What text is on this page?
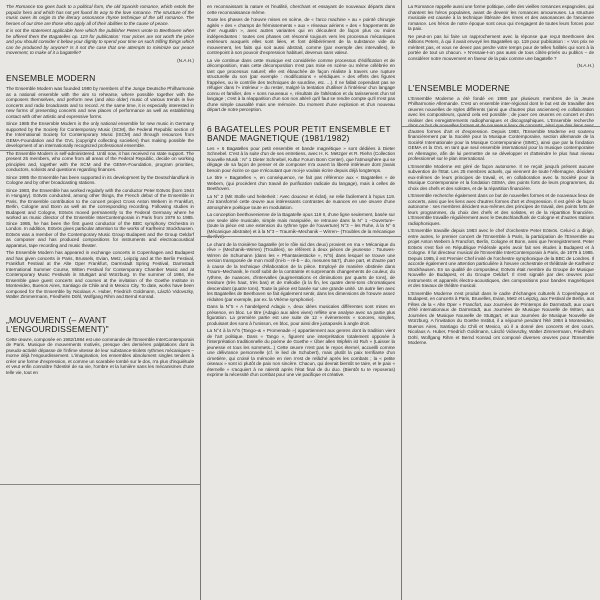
The Romance too goes back to a political form, the old Spanish romance, which extols the popular hero and which has not yet found its way to the love romance. The structure of the music owes its origin to the literary assonance rhyme technique of the old romance. The heroes of our time are those who apply all of their abilities to the cause of peace.

It is not the statement applicable here which the publisher Peters wrote to Beethoven when he offered them the Bagatelles op. 119 for publication: Your prices are not worth the price and you should consider it below your dignity to spend your time on such trifling things which can be produced by anyone? Is it not the case that one attempts to minimize our peace movement, to make of it a bagatelle?

(N.A.H.)
ENSEMBLE MODERN

The Ensemble Modern was founded 1980 by members of the Junge Deutsche Philharmonie as a national ensemble with the aim to rehearse, where possible together with the composers themselves, and perform new (and also older) music of various trends in live concerts and radio broadcasts and to record. At the same time, it is especially interested in new forms of presenting concerts and new places of performance as well as establishing contact with other artistic and expressive forms.

Since 1985 the Ensemble Modern is the only national ensemble for new music in Germany supported by the Society for Contemporary Music (SCM), the Federal Republic section of the International Society for Contemporary Music (ISCM) and through resources from GEMA-Foundation and the GVL (copyright collecting societies) thus making possible the development of an internationally recognized professional ensemble.

The Ensemble Modern is self-administered. Until now, it has received no state support. The present 25 members, who come from all areas of the Federal Republic, decide on working principles and, together with the SCM and the GEMA-Foundation, program priorities, conductors, soloists and questions regarding finances.

Since 1985 the Ensemble has been supported in its development by the Deutschlandfunk in Cologne and by other broadcasting stations.

Since 1983, the Ensemble has worked regularly with the conductor Peter Eötvös (born 1944 in Hungary). Eötvös conducted, among other things, the French debut of the Ensemble in Paris, the Ensemble contribution to the concert project Cross Anton Webern in Frankfurt, Berlin, Cologne and Bonn as well as the corresponding recording. Following studies in Budapest and Cologne, Eötvös moved permanently to the Federal Germany where he worked as music director of the Ensemble InterContemporain in Paris from 1979 to 1985. Since 1985, he has been the first guest conductor of the BBC symphony Orchestra in London. In addition, Eötvös gives particular attention to the works of Karlheinz Stockhausen. Eötvös was a member of the Contemporary Music Group Budapest and the Group Oeldorf as composer and has produced compositions for instruments and electroacoustical apparatus, tape recording and music theater.

The Ensemble Modern has appeared in exchange concerts in Copenhagen and Budapest and has given concerts in Paris, Brussels, Evian, Metz, Leipzig and at the Berlin Festival, Frankfurt Festival at the Alte Oper Frankfurt, Darmstadt Spring Festival, Darmstadt International Summer Course, Witten Festival for Contemporary Chamber Music and at Contemporary Music Festivals in Stuttgart and Würzburg. In the summer of 1984, the Ensemble gave guest concerts and courses at the invitation of the Goethe Institute in Montevideo, Buenos Aires, Santiago de Chile and in Mexico City. To date, works have been composed for the Ensemble by Nicolaus A. Huber, Friedrich Goldmann, László Vidovszky, Walter Zimmermann, Friedhelm Döhl, Wolfgang Rihm and Bernd Konrad.

„MOUVEMENT (– AVANT L'ENGOURDISSEMENT)"

Cette œuvre, composée en 1982/1984 est une commande de l'Ensemble InterContemporain de Paris. Musique de mouvements motivés, presque des dernières palpitations dont la pseudo-activité dépasse de l'infime vitesse de leur substance-triolets rythmes mécaniques – morne déjà l'engourdissement. L'imagination, les ensembles absolument singles tendent à créer une forme d'expression, et comme un scarabée tombé sur le dos, n'a plus d'inquiétude et veut enfin connaître l'identité de sa vie, l'ombre et la lumière sans les mécanismes d'une telle vie, tout en

en reconnaissant la nature et l'inutilité, cherchant et essayant de nouveaux départs dans cette reconnaissance même.

Toute les phases de l'œuvre mises en scène, de « l'arco machine » au « pointé chirurgie agités » des « champs de frémissements » aux « réseaux aériens » des « frappements de cher Augustin », avec autres variantes qui en découlent de façon plus ou moins indépendantes : toutes ces phases ont résonné toujours vers les processus mécaniques extérieurs auxquels elles sont liées, et font délibérément de la substance vide du mouvement, les faits qui soit aussi abstrait, comme (par exemple des intervalles), le contrepoint à son pouvoir d'expression habituel, devenus sans valeur.

La vie continue dans cette musique est considérée comme processus d'édification et de décomposition, mais cette décomposition n'est pas mise en scène ou même célébrée en tant que processus naturel; elle est ébauchée de façon réaliste à travers une rupture structurelle du son (par exemple : modifications « véridiques » des effets des figures frappées, ou le contrôle des techniques de sourdine, etc. ...). Il ne fallait cependant pas se réfugier dans l'« intérieur » du rester, malgré la tentation d'utiliser à l'intérieur d'un langage connu et familier, des « sons nouveaux », résultats de l'altération et du tarissement d'un tel langage ; c'est à la réapparition d'un son non altéré qu'il faut se rendre compte qu'il n'est pas d'une simple causalité mais une mémoire. Du moment d'une explosion et d'un nouveau départ de notre perception.

6 BAGATELLES POUR PETIT ENSEMBLE ET BANDE MAGNETIQUE (1981/1982)

Les « 6 Bagatelles pour petit ensemble et bande magnétique » sont dédiées à Dieter Schnebel. C'est à la suite d'un de ses entretiens, avec H. K. Metzger et R. Riehn (Collection Nouvelle Musik : N° 1 Dieter Schnebel, Kultur Forum Bonn Center), que l'atmosphère qui se dégage de sa façon de penser et de composer m'a ouvert la liberté intérieure dont j'avais besoin pour écrire ce que m'écoutant que moi-je voulais écrire depuis déjà longtemps.

Le titre « Bagatelles », en conséquence, ne fait pas référence aux « Bagatelles » de Webern, (qui procèdent d'un travail de purification radicale du langage), mais à celles de Beethoven.

La N° 2 (Mit Stolle und heiterkeit : Avec douceur et éclat), se relie facilement à l'opus 119. J'ai transformé cette œuvre aux intéressants contrastes de nuances en une œuvre d'une atmosphère poétique toute en modulation.

La conception beethovenienne de la Bagatelle opus 119 II, d'une ligne seulement, basée sur une seule idée musicale, simple mais manipulée, se retrouve dans la N° 1 –Ouverture– (toute la pièce est une extension du rythme type de l'ouverture) N°3 – les Ruhe, à la N° 6 (Mécanique abstraite) et à la N°3 – Traumik–Mechanik – Wirren– (Troubles de la mécanique

Le chant de la troisième bagatelle (et le rôle nid des deux) provient en ma « Mécanique du rêve » (Mechanik–Wirren) (Troubles), se référent à deux pièces de jeunesse : Tourwes-Wirren de Schumann (dans les « Phantasiestücke », N°5) dans lesquel se trouve une version transposée de mon motif (mi-b – ré-b – do, mesures 5&7), d'une part, et d'autre part à cause de la technique d'élaboration de la pièce. Employé de manière obstinée dans Traum–Mechanik, le motif subit de la contrainte et surprenants changements de couleur, du rythme, de nuances, d'intervalles (augmentations et diminutions par quarts de tons), de tessiture (très haut, très bas) et de mélodie (à la fin, les quatre demi-tons chromatiques descendant (quatre tons). Toute la pièce est basée sur une grande unité. Un autre lien avec les Bagatelles de Beethoven se fait également sentir, dans les dimensions de l'œuvre assez réduites (par exemple, par ex. la VIIème symphonie).

Dans la N°5 « A handelgend Adagio », deux idées musicales différentes sont mises en présence, en bloc. Le titre (Adagio aux ailes vives) reflète une analyse avec sa partie plus figuration. La première partie est une suite de 12 « évènements » sonores, simples, produisant des sons à l'unisson, en bloc, pour ainsi dire juxtaposés à angle droit.

La N°4 à la N°6 (Tango–& « Promenade ») appartiennent aux genres dont la tradition vient de l'art politique. Dans « Tango », figurent une interprétation totalement opposée à l'interprétation traditionnelle du poème de Goethe « Über allen Wipfeln ist Ruh » (Laisser la jeunesse et tous les sommets...) Cette œuvre n'est pas le repos éternel, accueilli comme une délivrance personnelle (cf. le lied de Schubert), mais plutôt la paix terrifiante d'un cimetière, qui croisé la mémoire en rien n'est de relâché après les combats ; la « petite oiseaux » sont ici plutôt de paix non sincère. Chacun, qui devrait bientôt se taire, et le paix « éternelle » s'acquiert à ne ralentit après l'état final de du duo. (Bientôt tu te reposeras) exprime la nécessité d'un combat pour une vie pacifique et créative.

La Romance rappelle aussi une forme politique, celle des vieilles romances espagnoles, qui chantent les héros populaires, avant de devenir les romances amoureuses. La structure musicale est causée à la technique littéraire des rimes et des assonances de l'ancienne romance. Les héros de notre époque sont ceux qui s'engagent de toutes leurs forces pour la paix.

Ne peut-on pas lui faire un rapprochement avec la réponse que reçut Beethoven des éditions Peters, à qui il avait envoyé les Bagatelles op. 119 pour publication : « Vos prix ne méritent pas, et vous ne devez pas perdre votre temps pour de telles futilités qui sont à la portée de tout un chacun. » N'essaie-t-on pas aussi de tous côtés-privés ou publics – de considérer notre mouvement en faveur de la paix comme une bagatelle ?

(N.A.H.)
L'ENSEMBLE MODERNE

L'Ensemble Moderne a été fondé en 1980 par plusieurs membres de la Jeune Philharmonie Allemande. C'est un ensemble inter-régional dont le but est de travailler des œuvres nouvelles de styles différents (ainsi que d'autres plus anciennes) en collaboration avec les compositeurs, quand cela est possible ; de jouer ces œuvres en concert et d'en réaliser des enregistrements radiophoniques et discographiques. L'Ensemble recherche d'autres formes d'art et d'expression. Depuis 1983, l'Ensemble Moderne est soutenu financièrement par la Société pour la Musique Contemporaine, section allemande de la Société Internationale pour la Musique Contemporaine (SIMC), ainsi que par la fondation GEMA et la GVL en tant que seul ensemble international pour la musique contemporaine en Allemagne, afin de lui permettre de se développer et d'atteindre le plus haut niveau professionnel sur le plan international.

L'Ensemble Moderne est géré de façon autonome. Il ne reçoit jusqu'à présent aucune subvention de l'Etat. Les 25 membres actuels, qui viennent de toute l'Allemagne, décident eux-mêmes de leurs principes de travail, et, en collaboration avec la Société pour la Musique Contemporaine et la fondation GEMA, des points forts de leurs programmes, du choix des chefs et des solistes, et de la répartition financière.

L'Ensemble recherche également dans ce but de nouvelles formes et de nouveaux lieux de concerts, ainsi que les liens avec d'autres formes d'art et d'expression. Il est géré de façon autonome : ses membres décident eux-mêmes des principes de travail, des points forts de leurs programmes, du choix des chefs et des solistes, et de la répartition financière. L'Ensemble travaille régulièrement avec le Deutschlandfunk de Cologne et d'autres stations radiophoniques.

L'Ensemble travaille depuis 1983 avec le chef d'orchestre Peter Eötvös. Celui-ci a dirigé, entre autres, le premier concert de l'Ensemble à Paris, la participation de l'Ensemble au projet Anton Webern à Francfort, Berlin, Cologne et Bonn, ainsi que l'enregistrement. Peter Eötvös s'est fixé en République Fédérale après avoir fait ses études à Budapest et à Cologne. Il fut directeur musical de l'Ensemble InterContemporain à Paris, de 1979 à 1985. Depuis 1985, il est Premier Chef invité de l'orchestre symphonique de la BBC de Londres. Il accorde également une attention particulière à l'œuvre orchestrale et théâtrale de Karlheinz Stockhausen. En sa qualité de compositeur, Eötvös était membre du Groupe de Musique Nouvelle de Budapest, et du Groupe Oeldorf. Il s'est signalé par des œuvres pour instruments et appareils électro-acoustiques, des compositions pour bandes magnétiques et des travaux de théâtre musical.

L'Ensemble Moderne s'est produit dans le cadre d'échanges culturels à Copenhague et Budapest, en concerts à Paris, Bruxelles, Evian, Metz et Leipzig, aux Festival de Berlin, aux Fêtes de la « Alte Oper » Francfort, aux Journées de Printemps de Darmstadt, aux cours d'été internationaux de Darmstadt, aux Journées de Musique Nouvelle de Witten, aux Journées de Musique Nouvelle de Stuttgart, et aux Journées de Musique Nouvelle de Würzburg. A l'invitation du Goethe Institut, il a séjourné pendant l'été 1984 à Montevideo, Buenos Aires, Santiago du Chili et Mexico, où il a donné des concerts et des cours. Nicolaus A. Huber, Friedrich Goldmann, László Vidovszky, Walter Zimmermann, Friedhelm Döhl, Wolfgang Rihm et Bernd Konrad ont composé diverses œuvres pour l'Ensemble Moderne.
